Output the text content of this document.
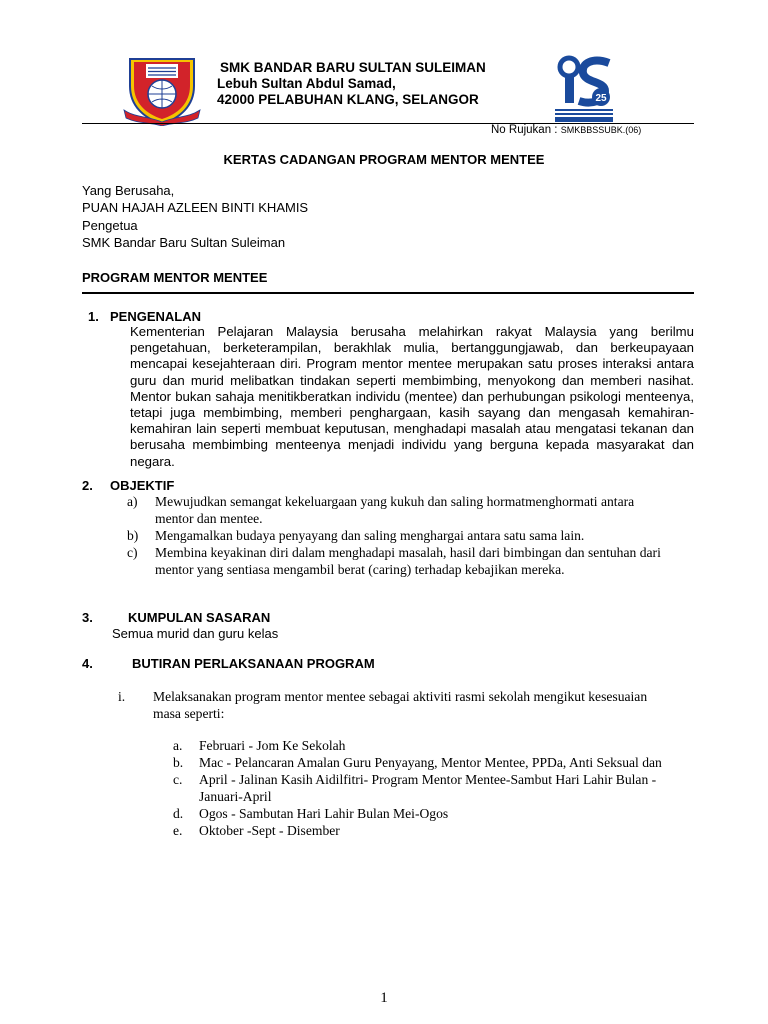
SMK BANDAR BARU SULTAN SULEIMAN
Lebuh Sultan Abdul Samad,
42000 PELABUHAN KLANG, SELANGOR	25
No Rujukan : SMKBBSSUBK.(06)
KERTAS CADANGAN PROGRAM MENTOR MENTEE
Yang Berusaha,
PUAN HAJAH AZLEEN BINTI KHAMIS
Pengetua
SMK Bandar Baru Sultan Suleiman
PROGRAM MENTOR MENTEE
1. PENGENALAN
Kementerian Pelajaran Malaysia berusaha melahirkan rakyat Malaysia yang berilmu pengetahuan, berketerampilan, berakhlak mulia, bertanggungjawab, dan berkeupayaan mencapai kesejahteraan diri. Program mentor mentee merupakan satu proses interaksi antara guru dan murid melibatkan tindakan seperti membimbing, menyokong dan memberi nasihat. Mentor bukan sahaja menitikberatkan individu (mentee) dan perhubungan psikologi menteenya, tetapi juga membimbing, memberi penghargaan, kasih sayang dan mengasah kemahiran-kemahiran lain seperti membuat keputusan, menghadapi masalah atau mengatasi tekanan dan berusaha membimbing menteenya menjadi individu yang berguna kepada masyarakat dan negara.
2. OBJEKTIF
a) Mewujudkan semangat kekeluargaan yang kukuh dan saling hormatmenghormati antara mentor dan mentee.
b) Mengamalkan budaya penyayang dan saling menghargai antara satu sama lain.
c) Membina keyakinan diri dalam menghadapi masalah, hasil dari bimbingan dan sentuhan dari mentor yang sentiasa mengambil berat (caring) terhadap kebajikan mereka.
3.	KUMPULAN SASARAN
Semua murid dan guru kelas
4.	BUTIRAN PERLAKSANAAN PROGRAM
i.	Melaksanakan program mentor mentee sebagai aktiviti rasmi sekolah mengikut kesesuaian masa seperti:
a. Februari - Jom Ke Sekolah
b. Mac - Pelancaran Amalan Guru Penyayang, Mentor Mentee, PPDa, Anti Seksual dan
c. April - Jalinan Kasih Aidilfitri- Program Mentor Mentee-Sambut Hari Lahir Bulan - Januari-April
d. Ogos - Sambutan Hari Lahir Bulan Mei-Ogos
e. Oktober -Sept - Disember
1
